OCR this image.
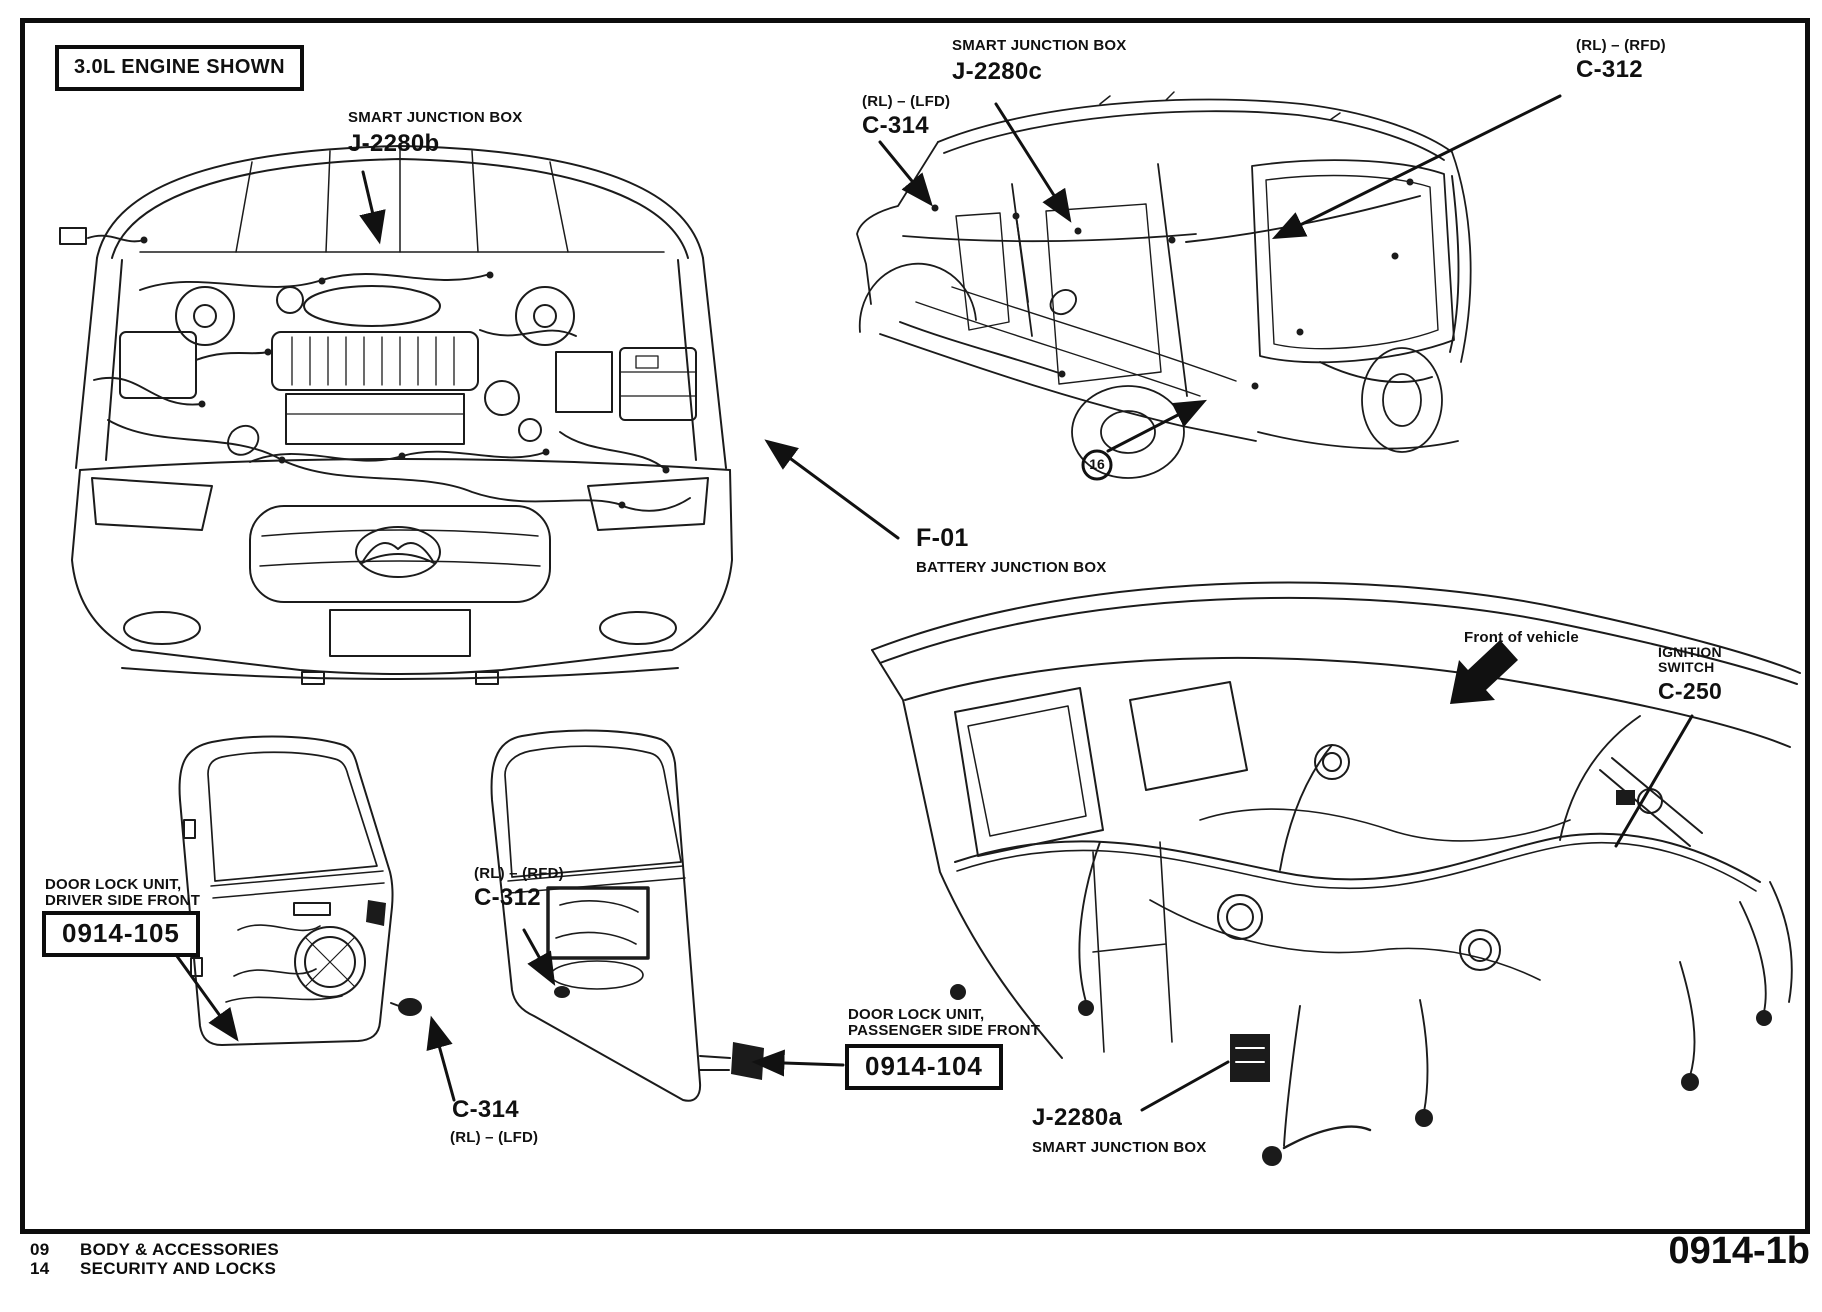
3.0L ENGINE SHOWN
SMART JUNCTION BOX
J-2280b
F-01
BATTERY JUNCTION BOX
(RL) – (LFD)
C-314
SMART JUNCTION BOX
J-2280c
(RL) – (RFD)
C-312
16
DOOR LOCK UNIT,
DRIVER SIDE FRONT
0914-105
(RL) – (RFD)
C-312
C-314
(RL) – (LFD)
DOOR LOCK UNIT,
PASSENGER SIDE FRONT
0914-104
Front of vehicle
IGNITION
SWITCH
C-250
J-2280a
SMART JUNCTION BOX
09 BODY & ACCESSORIES
14 SECURITY AND LOCKS	0914-1b
